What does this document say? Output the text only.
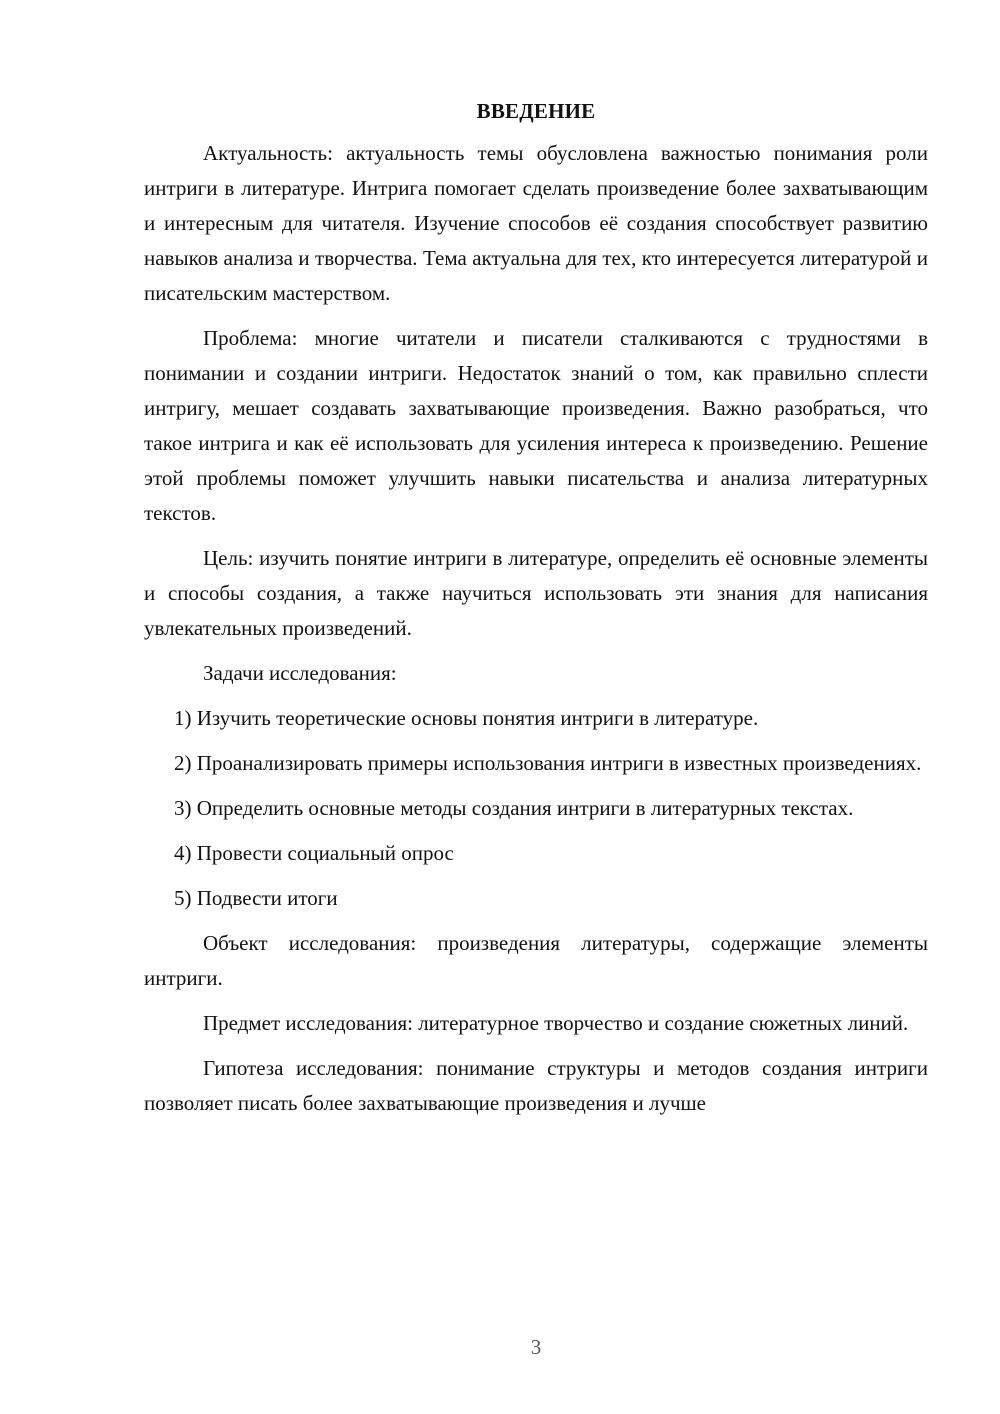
ВВЕДЕНИЕ

Актуальность: актуальность темы обусловлена важностью понимания роли интриги в литературе. Интрига помогает сделать произведение более захватывающим и интересным для читателя. Изучение способов её создания способствует развитию навыков анализа и творчества. Тема актуальна для тех, кто интересуется литературой и писательским мастерством.

Проблема: многие читатели и писатели сталкиваются с трудностями в понимании и создании интриги. Недостаток знаний о том, как правильно сплести интригу, мешает создавать захватывающие произведения. Важно разобраться, что такое интрига и как её использовать для усиления интереса к произведению. Решение этой проблемы поможет улучшить навыки писательства и анализа литературных текстов.

Цель: изучить понятие интриги в литературе, определить её основные элементы и способы создания, а также научиться использовать эти знания для написания увлекательных произведений.

Задачи исследования:

1) Изучить теоретические основы понятия интриги в литературе.

2) Проанализировать примеры использования интриги в известных произведениях.

3) Определить основные методы создания интриги в литературных текстах.

4) Провести социальный опрос

5) Подвести итоги

Объект исследования: произведения литературы, содержащие элементы интриги.

Предмет исследования: литературное творчество и создание сюжетных линий.

Гипотеза исследования: понимание структуры и методов создания интриги позволяет писать более захватывающие произведения и лучше

3
